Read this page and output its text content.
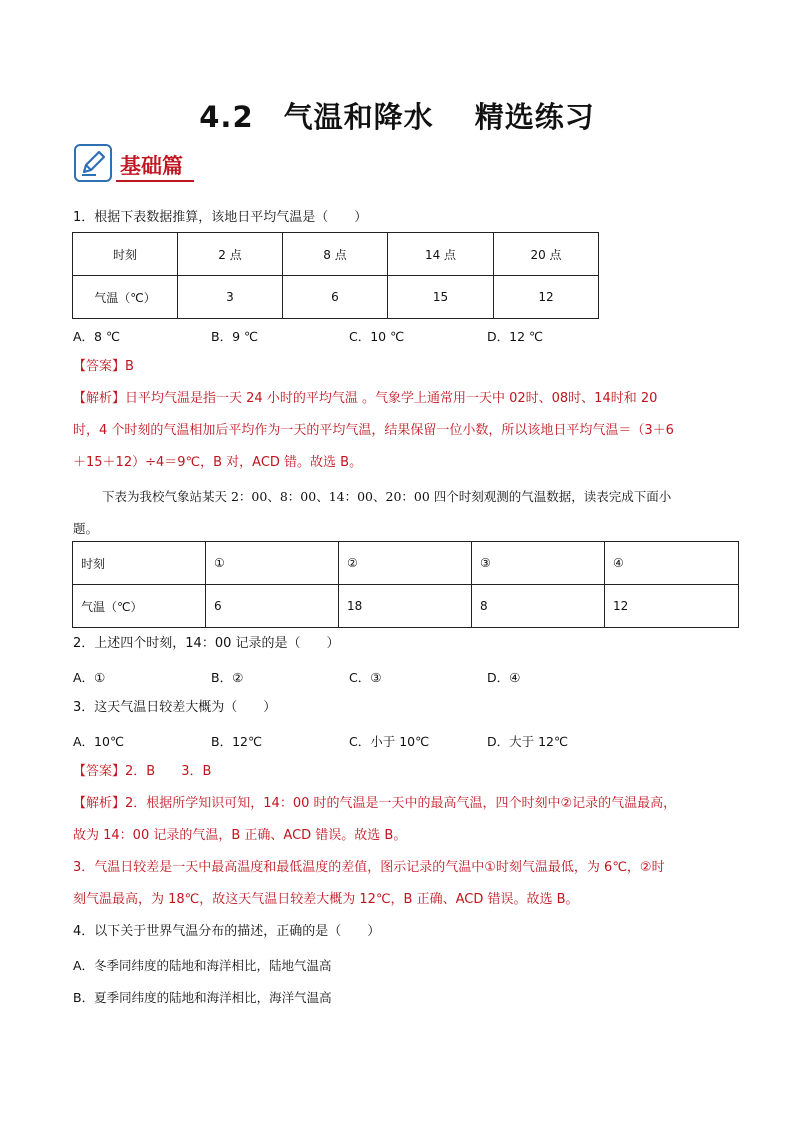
4.2　气温和降水　 精选练习
基础篇
1．根据下表数据推算，该地日平均气温是（　　）
时刻	2 点	8 点	14 点	20 点
气温（℃）	3	6	15	12
A．8 ℃	B．9 ℃	C．10 ℃	D．12 ℃
【答案】B
【解析】日平均气温是指一天 24 小时的平均气温 。气象学上通常用一天中 02时、08时、14时和 20
时，4 个时刻的气温相加后平均作为一天的平均气温，结果保留一位小数，所以该地日平均气温＝（3＋6
＋15＋12）÷4＝9℃，B 对，ACD 错。故选 B。
下表为我校气象站某天 2：00、8：00、14：00、20：00 四个时刻观测的气温数据，读表完成下面小
题。
时刻	①	②	③	④
气温（℃）	6	18	8	12
2．上述四个时刻，14：00 记录的是（　　）
A．①	B．②	C．③	D．④
3．这天气温日较差大概为（　　）
A．10℃	B．12℃	C．小于 10℃	D．大于 12℃
【答案】2．B　　3．B
【解析】2．根据所学知识可知，14：00 时的气温是一天中的最高气温，四个时刻中②记录的气温最高，
故为 14：00 记录的气温，B 正确、ACD 错误。故选 B。
3．气温日较差是一天中最高温度和最低温度的差值，图示记录的气温中①时刻气温最低，为 6℃，②时
刻气温最高，为 18℃，故这天气温日较差大概为 12℃，B 正确、ACD 错误。故选 B。
4．以下关于世界气温分布的描述，正确的是（　　）
A．冬季同纬度的陆地和海洋相比，陆地气温高
B．夏季同纬度的陆地和海洋相比，海洋气温高
